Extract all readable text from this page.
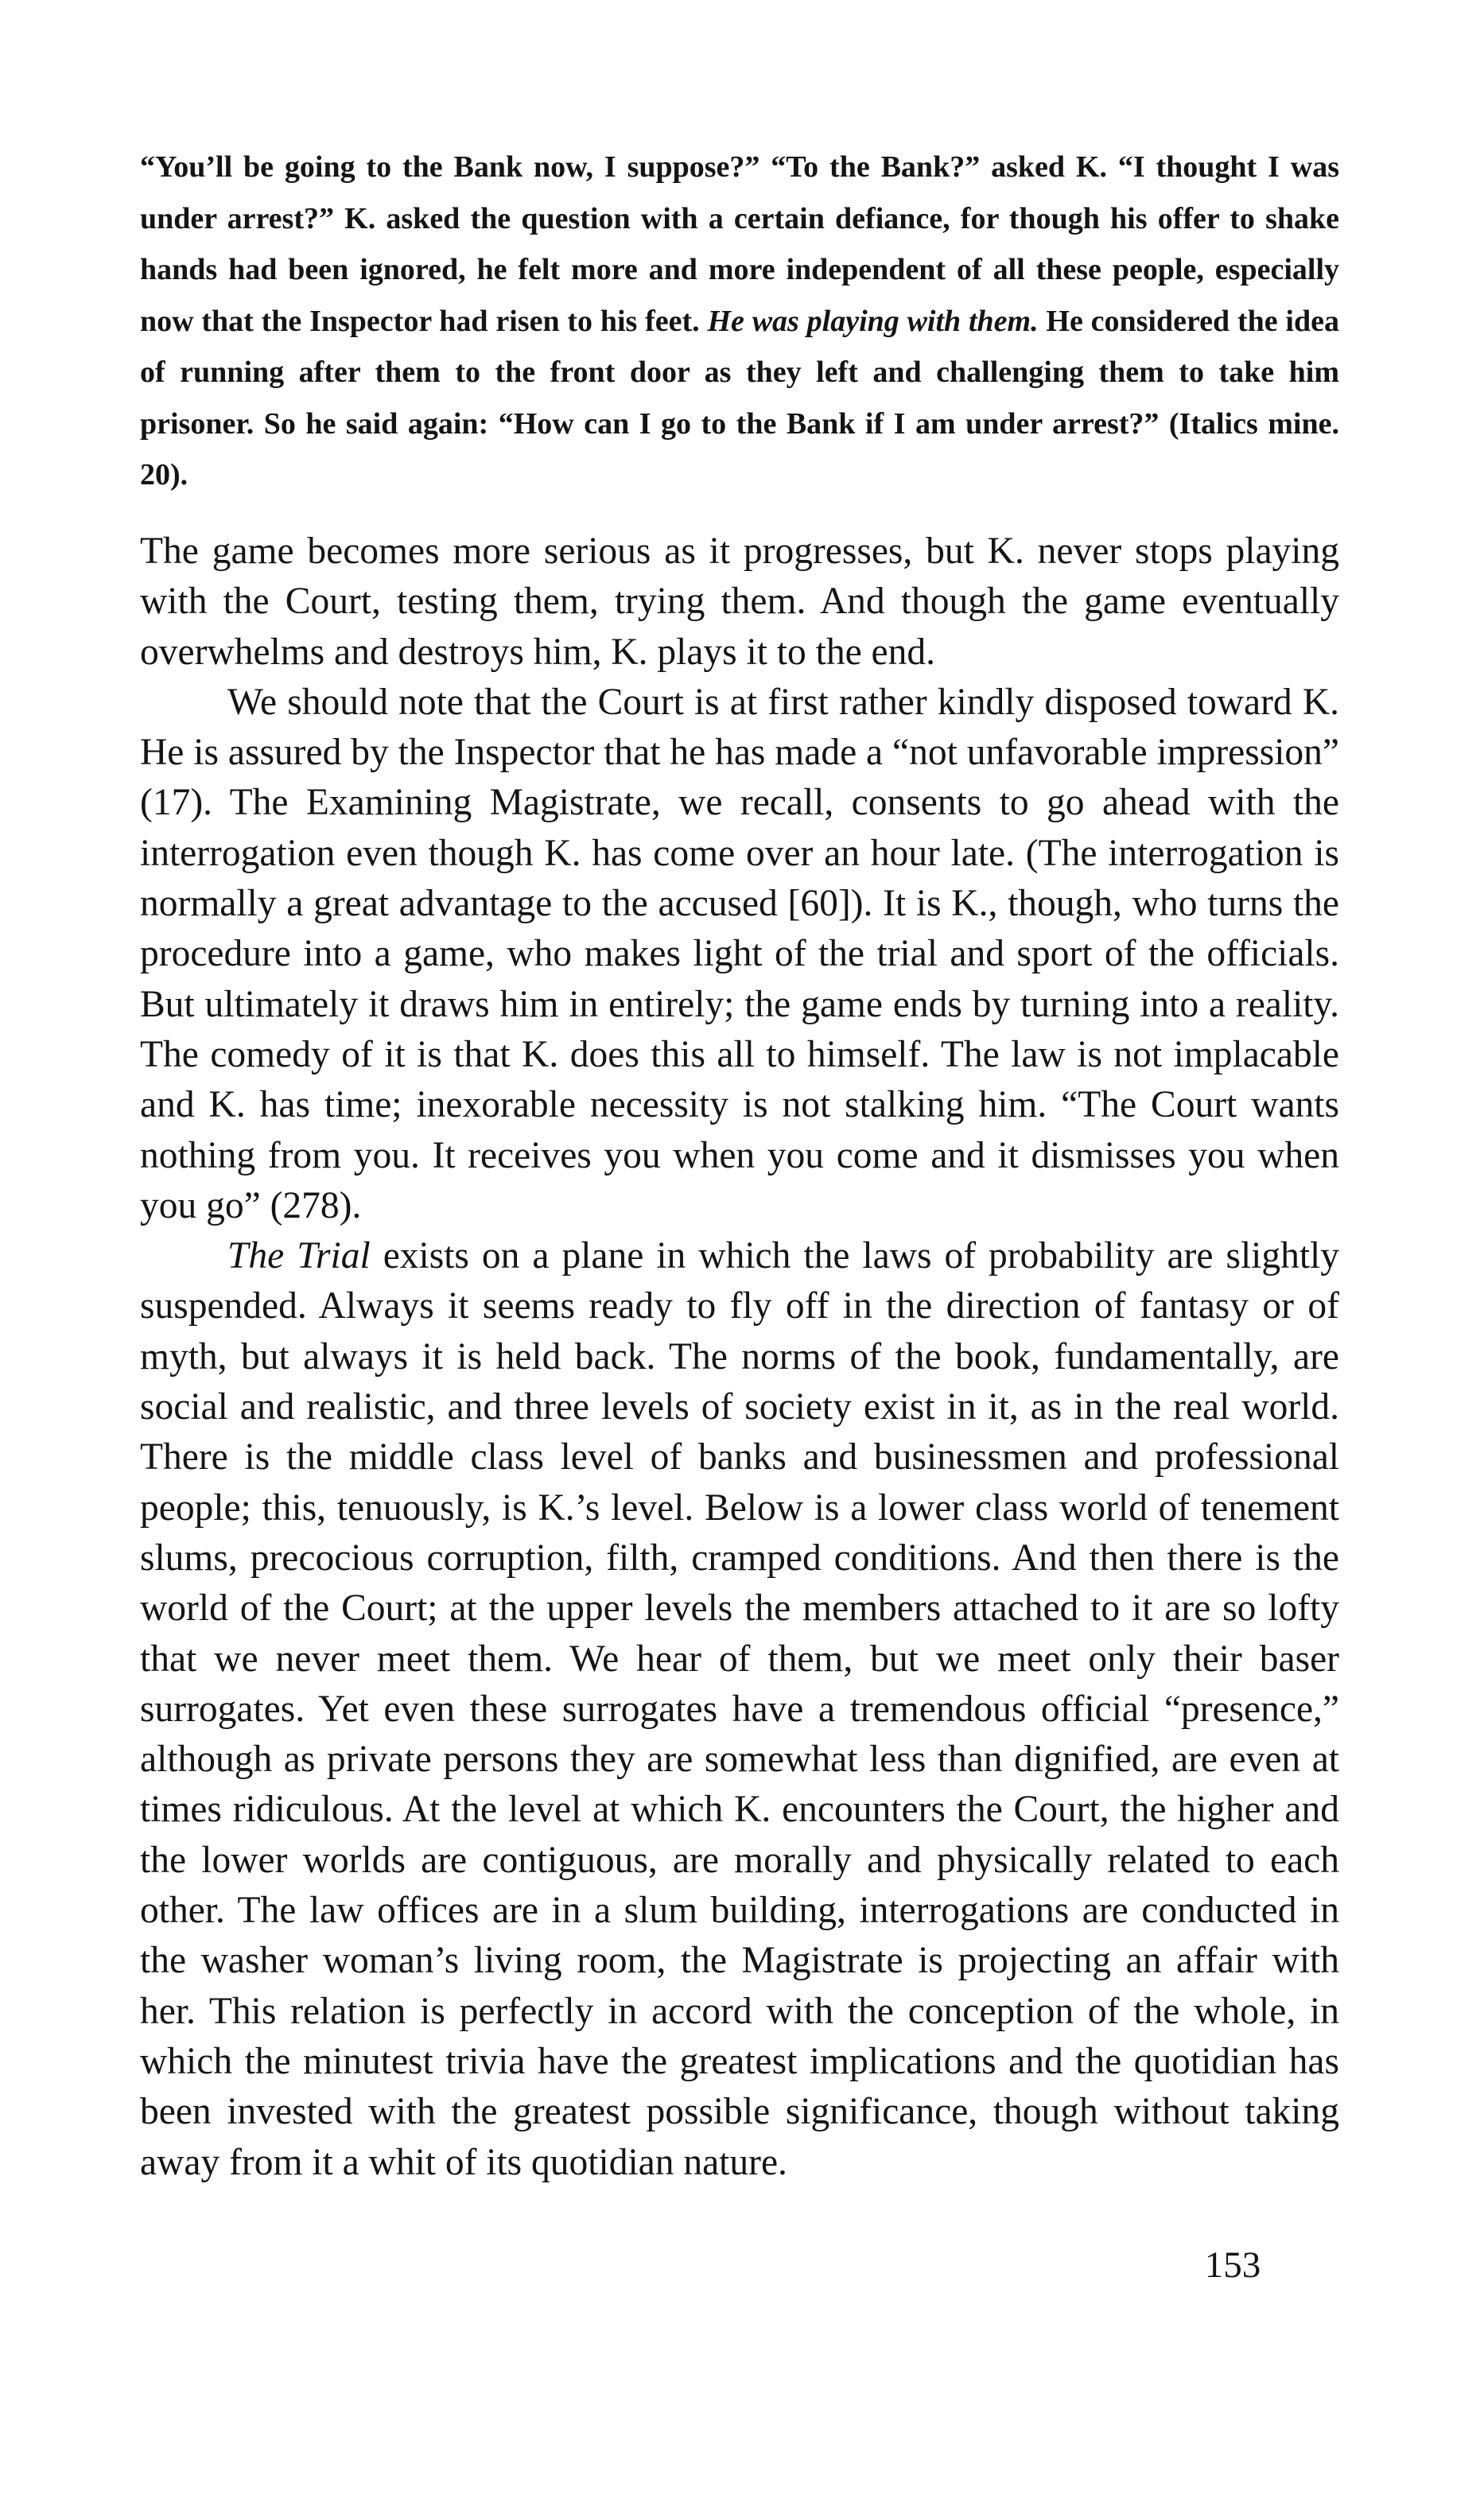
“You’ll be going to the Bank now, I suppose?” “To the Bank?” asked K. “I thought I was under arrest?” K. asked the question with a certain defiance, for though his offer to shake hands had been ignored, he felt more and more independent of all these people, especially now that the Inspector had risen to his feet. He was playing with them. He considered the idea of running after them to the front door as they left and challenging them to take him prisoner. So he said again: “How can I go to the Bank if I am under arrest?” (Italics mine. 20).

The game becomes more serious as it progresses, but K. never stops playing with the Court, testing them, trying them. And though the game eventually overwhelms and destroys him, K. plays it to the end.

We should note that the Court is at first rather kindly disposed toward K. He is assured by the Inspector that he has made a “not unfavorable impression” (17). The Examining Magistrate, we recall, consents to go ahead with the interrogation even though K. has come over an hour late. (The interrogation is normally a great advantage to the accused [60]). It is K., though, who turns the procedure into a game, who makes light of the trial and sport of the officials. But ultimately it draws him in entirely; the game ends by turning into a reality. The comedy of it is that K. does this all to himself. The law is not implacable and K. has time; inexorable necessity is not stalking him. “The Court wants nothing from you. It receives you when you come and it dismisses you when you go” (278).

The Trial exists on a plane in which the laws of probability are slightly suspended. Always it seems ready to fly off in the direction of fantasy or of myth, but always it is held back. The norms of the book, fundamentally, are social and realistic, and three levels of society exist in it, as in the real world. There is the middle class level of banks and businessmen and professional people; this, tenuously, is K.’s level. Below is a lower class world of tenement slums, precocious corruption, filth, cramped conditions. And then there is the world of the Court; at the upper levels the members attached to it are so lofty that we never meet them. We hear of them, but we meet only their baser surrogates. Yet even these surrogates have a tremendous official “presence,” although as private persons they are somewhat less than dignified, are even at times ridiculous. At the level at which K. encounters the Court, the higher and the lower worlds are contiguous, are morally and physically related to each other. The law offices are in a slum building, interrogations are conducted in the washer woman’s living room, the Magistrate is projecting an affair with her. This relation is perfectly in accord with the conception of the whole, in which the minutest trivia have the greatest implications and the quotidian has been invested with the greatest possible significance, though without taking away from it a whit of its quotidian nature.

153
